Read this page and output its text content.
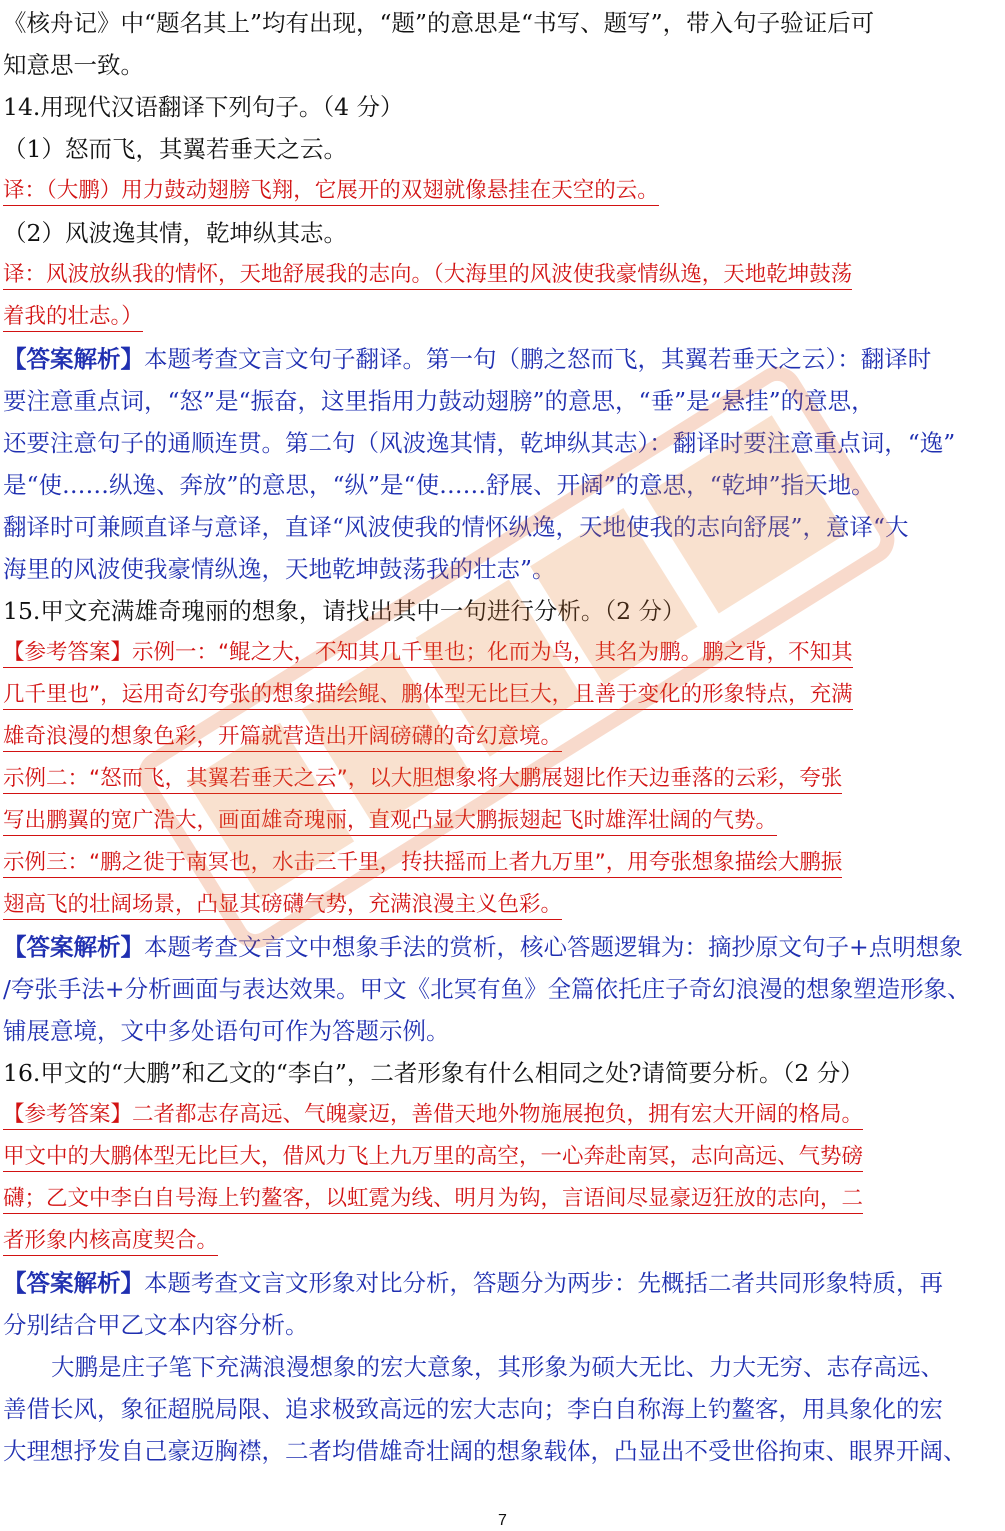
《核舟记》中“题名其上”均有出现，“题”的意思是“书写、题写”，带入句子验证后可
知意思一致。
14.用现代汉语翻译下列句子。（4 分）
（1）怒而飞，其翼若垂天之云。
译：（大鹏）用力鼓动翅膀飞翔，它展开的双翅就像悬挂在天空的云。
（2）风波逸其情，乾坤纵其志。
译：风波放纵我的情怀，天地舒展我的志向。（大海里的风波使我豪情纵逸，天地乾坤鼓荡
着我的壮志。）
【答案解析】本题考查文言文句子翻译。第一句（鹏之怒而飞，其翼若垂天之云）：翻译时
要注意重点词，“怒”是“振奋，这里指用力鼓动翅膀”的意思，“垂”是“悬挂”的意思，
还要注意句子的通顺连贯。第二句（风波逸其情，乾坤纵其志）：翻译时要注意重点词，“逸”
是“使……纵逸、奔放”的意思，“纵”是“使……舒展、开阔”的意思，“乾坤”指天地。
翻译时可兼顾直译与意译，直译“风波使我的情怀纵逸，天地使我的志向舒展”，意译“大
海里的风波使我豪情纵逸，天地乾坤鼓荡我的壮志”。
15.甲文充满雄奇瑰丽的想象，请找出其中一句进行分析。（2 分）
【参考答案】示例一：“鲲之大，不知其几千里也；化而为鸟，其名为鹏。鹏之背，不知其
几千里也”，运用奇幻夸张的想象描绘鲲、鹏体型无比巨大，且善于变化的形象特点，充满
雄奇浪漫的想象色彩，开篇就营造出开阔磅礴的奇幻意境。
示例二：“怒而飞，其翼若垂天之云”，以大胆想象将大鹏展翅比作天边垂落的云彩，夸张
写出鹏翼的宽广浩大，画面雄奇瑰丽，直观凸显大鹏振翅起飞时雄浑壮阔的气势。
示例三：“鹏之徙于南冥也，水击三千里，抟扶摇而上者九万里”，用夸张想象描绘大鹏振
翅高飞的壮阔场景，凸显其磅礴气势，充满浪漫主义色彩。
【答案解析】本题考查文言文中想象手法的赏析，核心答题逻辑为：摘抄原文句子+点明想象
/夸张手法+分析画面与表达效果。甲文《北冥有鱼》全篇依托庄子奇幻浪漫的想象塑造形象、
铺展意境，文中多处语句可作为答题示例。
16.甲文的“大鹏”和乙文的“李白”，二者形象有什么相同之处?请简要分析。（2 分）
【参考答案】二者都志存高远、气魄豪迈，善借天地外物施展抱负，拥有宏大开阔的格局。
甲文中的大鹏体型无比巨大，借风力飞上九万里的高空，一心奔赴南冥，志向高远、气势磅
礴；乙文中李白自号海上钓鳌客，以虹霓为线、明月为钩，言语间尽显豪迈狂放的志向，二
者形象内核高度契合。
【答案解析】本题考查文言文形象对比分析，答题分为两步：先概括二者共同形象特质，再
分别结合甲乙文本内容分析。
大鹏是庄子笔下充满浪漫想象的宏大意象，其形象为硕大无比、力大无穷、志存高远、
善借长风，象征超脱局限、追求极致高远的宏大志向；李白自称海上钓鳌客，用具象化的宏
大理想抒发自己豪迈胸襟，二者均借雄奇壮阔的想象载体，凸显出不受世俗拘束、眼界开阔、
7
